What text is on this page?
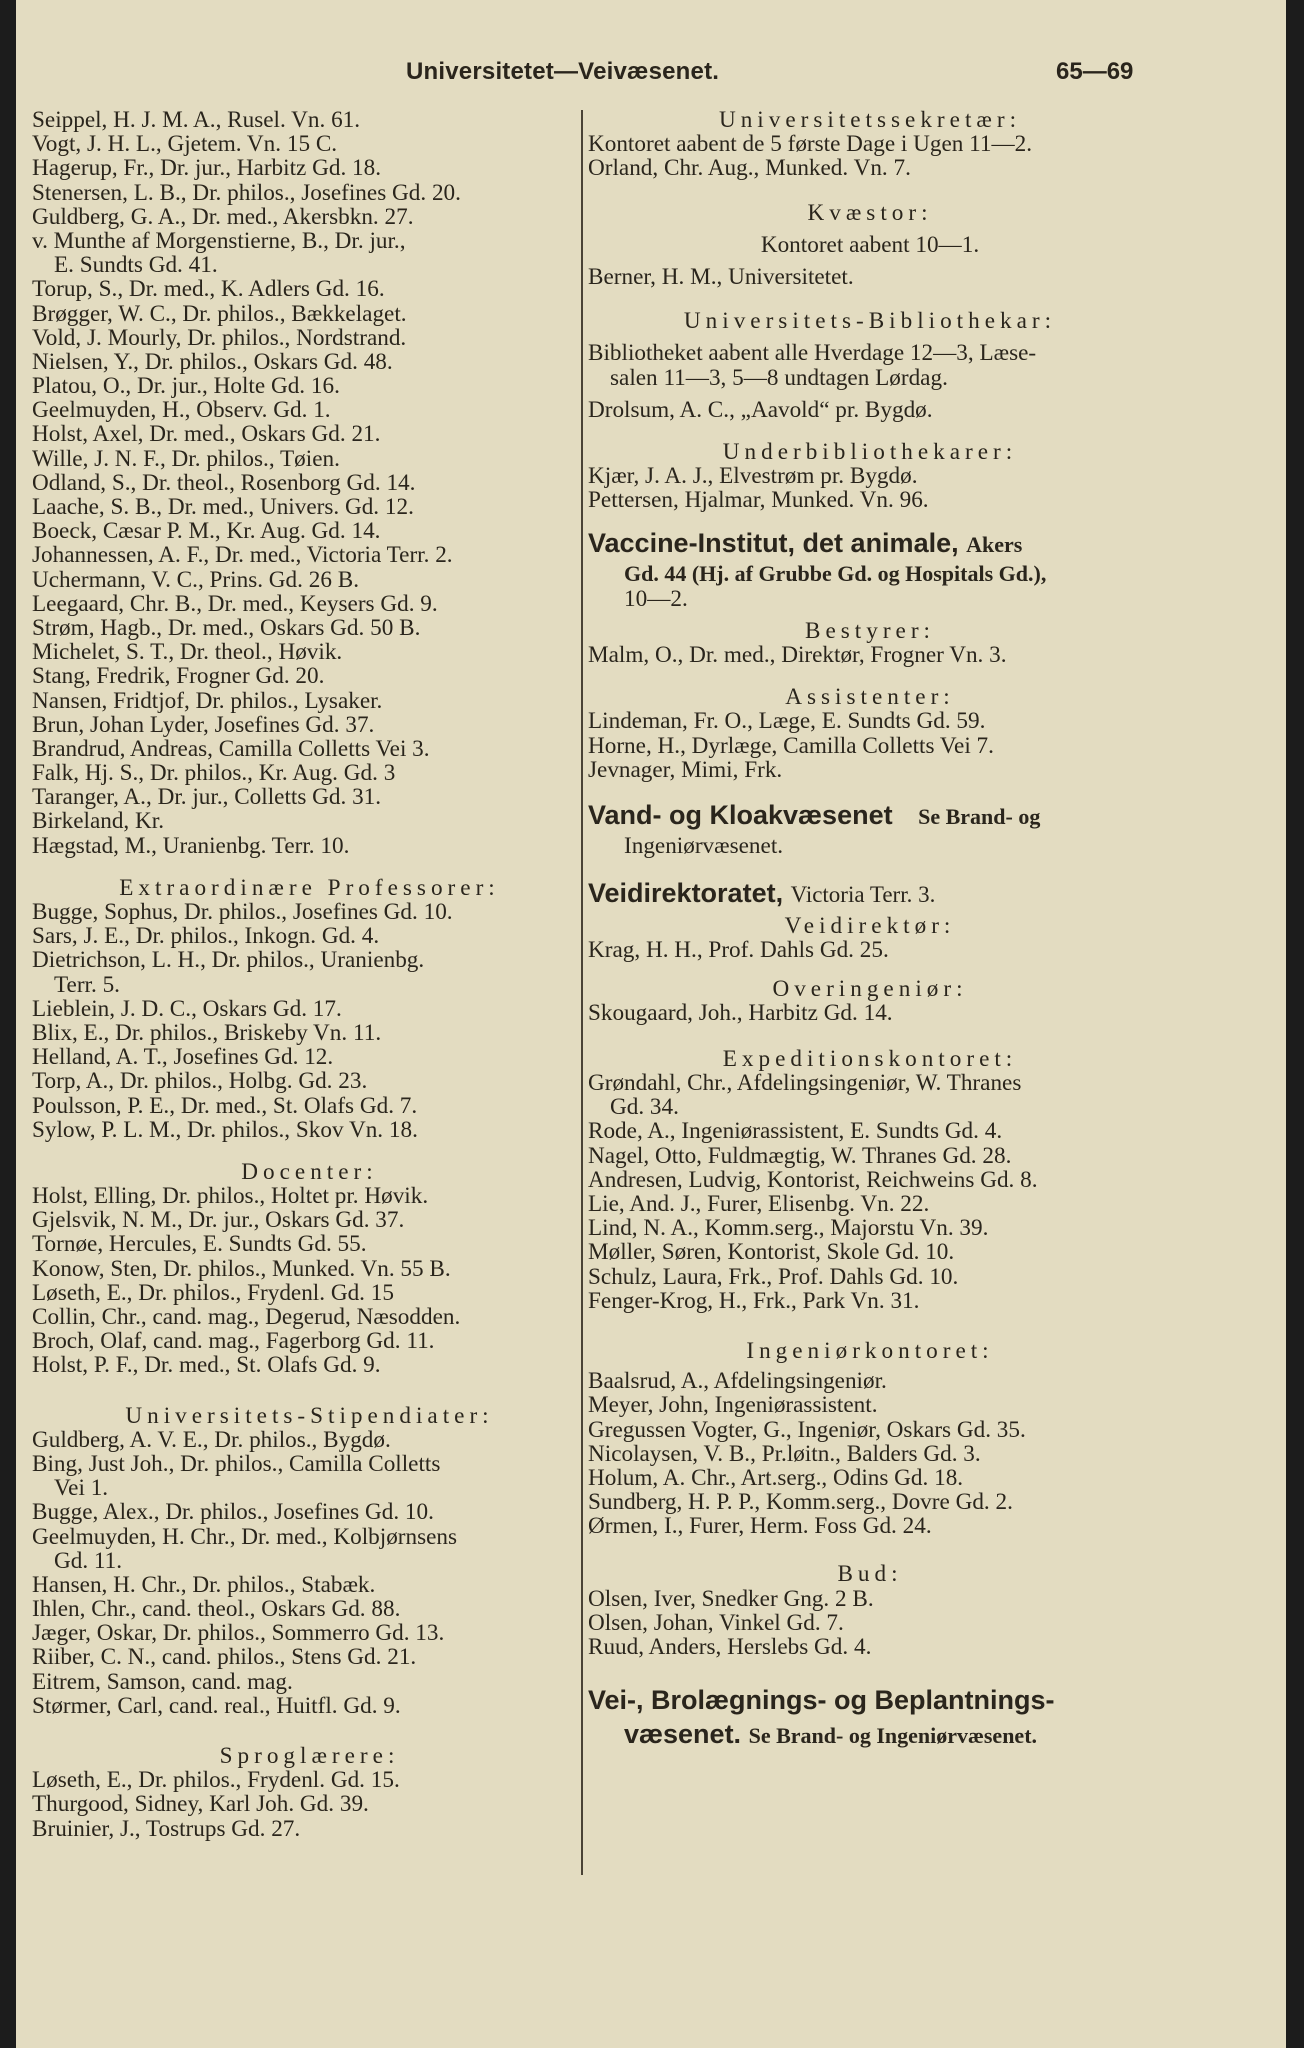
Universitetet—Veivæsenet.	65—69
Seippel, H. J. M. A., Rusel. Vn. 61.
Vogt, J. H. L., Gjetem. Vn. 15 C.
Hagerup, Fr., Dr. jur., Harbitz Gd. 18.
Stenersen, L. B., Dr. philos., Josefines Gd. 20.
Guldberg, G. A., Dr. med., Akersbkn. 27.
v. Munthe af Morgenstierne, B., Dr. jur.,
E. Sundts Gd. 41.
Torup, S., Dr. med., K. Adlers Gd. 16.
Brøgger, W. C., Dr. philos., Bækkelaget.
Vold, J. Mourly, Dr. philos., Nordstrand.
Nielsen, Y., Dr. philos., Oskars Gd. 48.
Platou, O., Dr. jur., Holte Gd. 16.
Geelmuyden, H., Observ. Gd. 1.
Holst, Axel, Dr. med., Oskars Gd. 21.
Wille, J. N. F., Dr. philos., Tøien.
Odland, S., Dr. theol., Rosenborg Gd. 14.
Laache, S. B., Dr. med., Univers. Gd. 12.
Boeck, Cæsar P. M., Kr. Aug. Gd. 14.
Johannessen, A. F., Dr. med., Victoria Terr. 2.
Uchermann, V. C., Prins. Gd. 26 B.
Leegaard, Chr. B., Dr. med., Keysers Gd. 9.
Strøm, Hagb., Dr. med., Oskars Gd. 50 B.
Michelet, S. T., Dr. theol., Høvik.
Stang, Fredrik, Frogner Gd. 20.
Nansen, Fridtjof, Dr. philos., Lysaker.
Brun, Johan Lyder, Josefines Gd. 37.
Brandrud, Andreas, Camilla Colletts Vei 3.
Falk, Hj. S., Dr. philos., Kr. Aug. Gd. 3
Taranger, A., Dr. jur., Colletts Gd. 31.
Birkeland, Kr.
Hægstad, M., Uranienbg. Terr. 10.
Extraordinære Professorer:
Bugge, Sophus, Dr. philos., Josefines Gd. 10.
Sars, J. E., Dr. philos., Inkogn. Gd. 4.
Dietrichson, L. H., Dr. philos., Uranienbg.
Terr. 5.
Lieblein, J. D. C., Oskars Gd. 17.
Blix, E., Dr. philos., Briskeby Vn. 11.
Helland, A. T., Josefines Gd. 12.
Torp, A., Dr. philos., Holbg. Gd. 23.
Poulsson, P. E., Dr. med., St. Olafs Gd. 7.
Sylow, P. L. M., Dr. philos., Skov Vn. 18.
Docenter:
Holst, Elling, Dr. philos., Holtet pr. Høvik.
Gjelsvik, N. M., Dr. jur., Oskars Gd. 37.
Tornøe, Hercules, E. Sundts Gd. 55.
Konow, Sten, Dr. philos., Munked. Vn. 55 B.
Løseth, E., Dr. philos., Frydenl. Gd. 15
Collin, Chr., cand. mag., Degerud, Næsodden.
Broch, Olaf, cand. mag., Fagerborg Gd. 11.
Holst, P. F., Dr. med., St. Olafs Gd. 9.
Universitets-Stipendiater:
Guldberg, A. V. E., Dr. philos., Bygdø.
Bing, Just Joh., Dr. philos., Camilla Colletts
Vei 1.
Bugge, Alex., Dr. philos., Josefines Gd. 10.
Geelmuyden, H. Chr., Dr. med., Kolbjørnsens
Gd. 11.
Hansen, H. Chr., Dr. philos., Stabæk.
Ihlen, Chr., cand. theol., Oskars Gd. 88.
Jæger, Oskar, Dr. philos., Sommerro Gd. 13.
Riiber, C. N., cand. philos., Stens Gd. 21.
Eitrem, Samson, cand. mag.
Størmer, Carl, cand. real., Huitfl. Gd. 9.
Sproglærere:
Løseth, E., Dr. philos., Frydenl. Gd. 15.
Thurgood, Sidney, Karl Joh. Gd. 39.
Bruinier, J., Tostrups Gd. 27.
Universitetssekretær:
Kontoret aabent de 5 første Dage i Ugen 11—2.
Orland, Chr. Aug., Munked. Vn. 7.
Kvæstor:
Kontoret aabent 10—1.
Berner, H. M., Universitetet.
Universitets-Bibliothekar:
Bibliotheket aabent alle Hverdage 12—3, Læse-
salen 11—3, 5—8 undtagen Lørdag.
Drolsum, A. C., „Aavold“ pr. Bygdø.
Underbibliothekarer:
Kjær, J. A. J., Elvestrøm pr. Bygdø.
Pettersen, Hjalmar, Munked. Vn. 96.
Vaccine-Institut, det animale, Akers
Gd. 44 (Hj. af Grubbe Gd. og Hospitals Gd.),
10—2.
Bestyrer:
Malm, O., Dr. med., Direktør, Frogner Vn. 3.
Assistenter:
Lindeman, Fr. O., Læge, E. Sundts Gd. 59.
Horne, H., Dyrlæge, Camilla Colletts Vei 7.
Jevnager, Mimi, Frk.
Vand- og Kloakvæsenet Se Brand- og
Ingeniørvæsenet.
Veidirektoratet, Victoria Terr. 3.
Veidirektør:
Krag, H. H., Prof. Dahls Gd. 25.
Overingeniør:
Skougaard, Joh., Harbitz Gd. 14.
Expeditionskontoret:
Grøndahl, Chr., Afdelingsingeniør, W. Thranes
Gd. 34.
Rode, A., Ingeniørassistent, E. Sundts Gd. 4.
Nagel, Otto, Fuldmægtig, W. Thranes Gd. 28.
Andresen, Ludvig, Kontorist, Reichweins Gd. 8.
Lie, And. J., Furer, Elisenbg. Vn. 22.
Lind, N. A., Komm.serg., Majorstu Vn. 39.
Møller, Søren, Kontorist, Skole Gd. 10.
Schulz, Laura, Frk., Prof. Dahls Gd. 10.
Fenger-Krog, H., Frk., Park Vn. 31.
Ingeniørkontoret:
Baalsrud, A., Afdelingsingeniør.
Meyer, John, Ingeniørassistent.
Gregussen Vogter, G., Ingeniør, Oskars Gd. 35.
Nicolaysen, V. B., Pr.løitn., Balders Gd. 3.
Holum, A. Chr., Art.serg., Odins Gd. 18.
Sundberg, H. P. P., Komm.serg., Dovre Gd. 2.
Ørmen, I., Furer, Herm. Foss Gd. 24.
Bud:
Olsen, Iver, Snedker Gng. 2 B.
Olsen, Johan, Vinkel Gd. 7.
Ruud, Anders, Herslebs Gd. 4.
Vei-, Brolægnings- og Beplantnings-
væsenet. Se Brand- og Ingeniørvæsenet.
